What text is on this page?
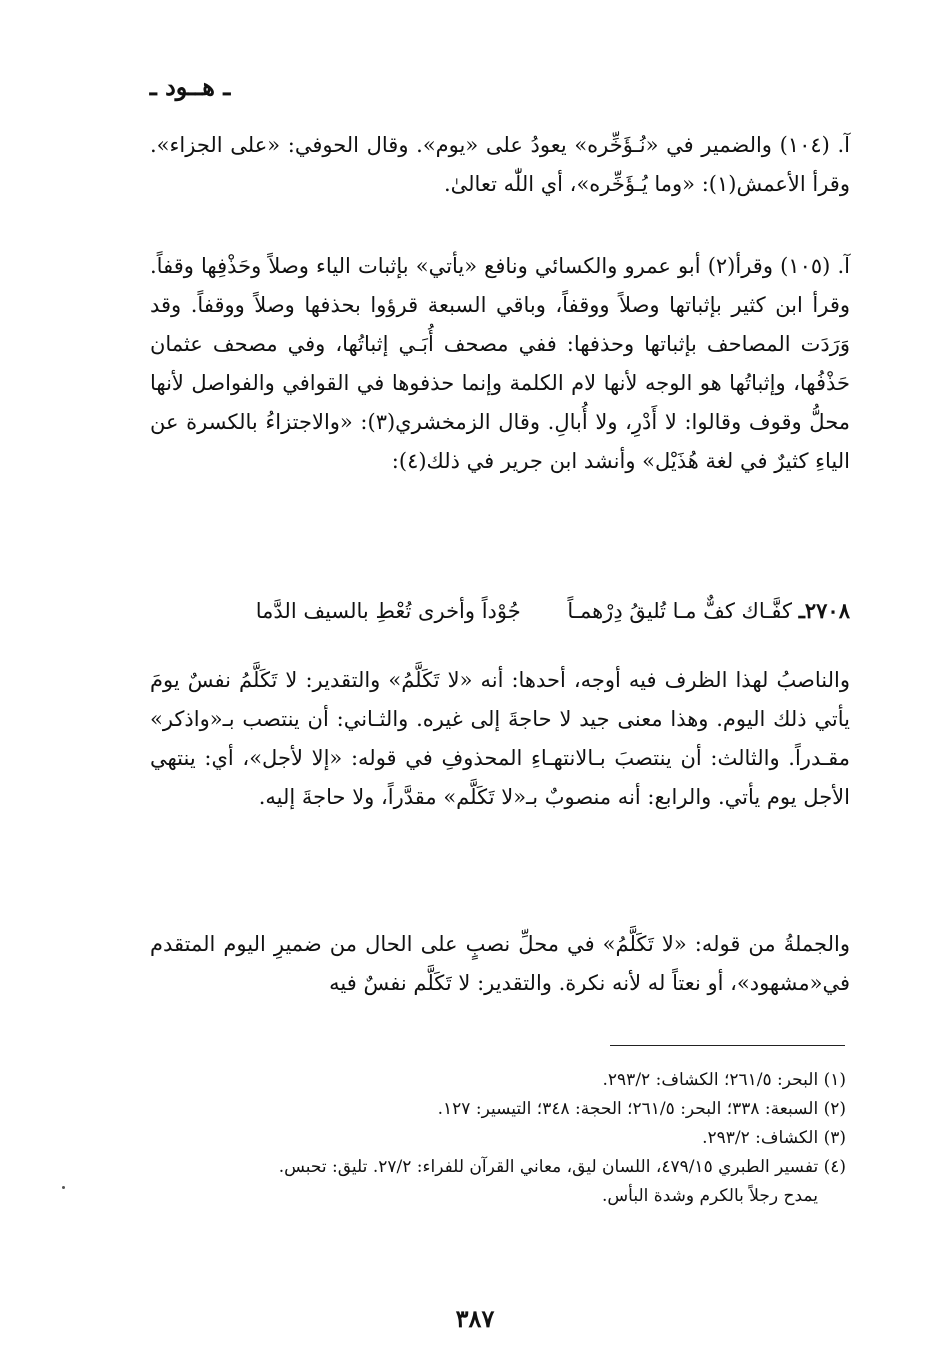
ـ هــود ـ

آ. (١٠٤) والضمير في «نُـؤَخِّره» يعودُ على «يوم». وقال الحوفي: «على الجزاء». وقرأ الأعمش(١): «وما يُـؤَخِّره»، أي اللّٰه تعالىٰ.

آ. (١٠٥) وقرأ(٢) أبو عمرو والكسائي ونافع «يأتي» بإثبات الياء وصلاً وحَذْفِها وقفاً. وقرأ ابن كثير بإثباتها وصلاً ووقفاً، وباقي السبعة قرؤوا بحذفها وصلاً ووقفاً. وقد وَرَدَت المصاحف بإثباتها وحذفها: ففي مصحف أُبَـي إثباتُها، وفي مصحف عثمان حَذْفُها، وإثباتُها هو الوجه لأنها لام الكلمة وإنما حذفوها في القوافي والفواصل لأنها محلُّ وقوف وقالوا: لا أَدْرِ، ولا أُبالِ. وقال الزمخشري(٣): «والاجتزاءُ بالكسرة عن الياءِ كثيرٌ في لغة هُذَيْل» وأنشد ابن جرير في ذلك(٤):

٢٧٠٨ـ كفَّـاك كفٌّ مـا تُليقُ دِرْهمـاً جُوْداً وأخرى تُعْطِ بالسيف الدَّما

والناصبُ لهذا الظرف فيه أوجه، أحدها: أنه «لا تَكَلَّمُ» والتقدير: لا تَكَلَّمُ نفسٌ يومَ يأتي ذلك اليوم. وهذا معنى جيد لا حاجةَ إلى غيره. والثـاني: أن ينتصب بـ«واذكر» مقـدراً. والثالث: أن ينتصبَ بـالانتهـاءِ المحذوفِ في قوله: «إلا لأجل»، أي: ينتهي الأجل يوم يأتي. والرابع: أنه منصوبٌ بـ«لا تَكَلَّم» مقدَّراً، ولا حاجةَ إليه.

والجملةُ من قوله: «لا تَكَلَّمُ» في محلِّ نصبٍ على الحال من ضميرِ اليوم المتقدم في«مشهود»، أو نعتاً له لأنه نكرة. والتقدير: لا تَكَلَّم نفسٌ فيه

(١) البحر: ٢٦١/٥؛ الكشاف: ٢٩٣/٢.
(٢) السبعة: ٣٣٨؛ البحر: ٢٦١/٥؛ الحجة: ٣٤٨؛ التيسير: ١٢٧.
(٣) الكشاف: ٢٩٣/٢.
(٤) تفسير الطبري ٤٧٩/١٥، اللسان ليق، معاني القرآن للفراء: ٢٧/٢. تليق: تحبس.
يمدح رجلاً بالكرم وشدة البأس.
٣٨٧
